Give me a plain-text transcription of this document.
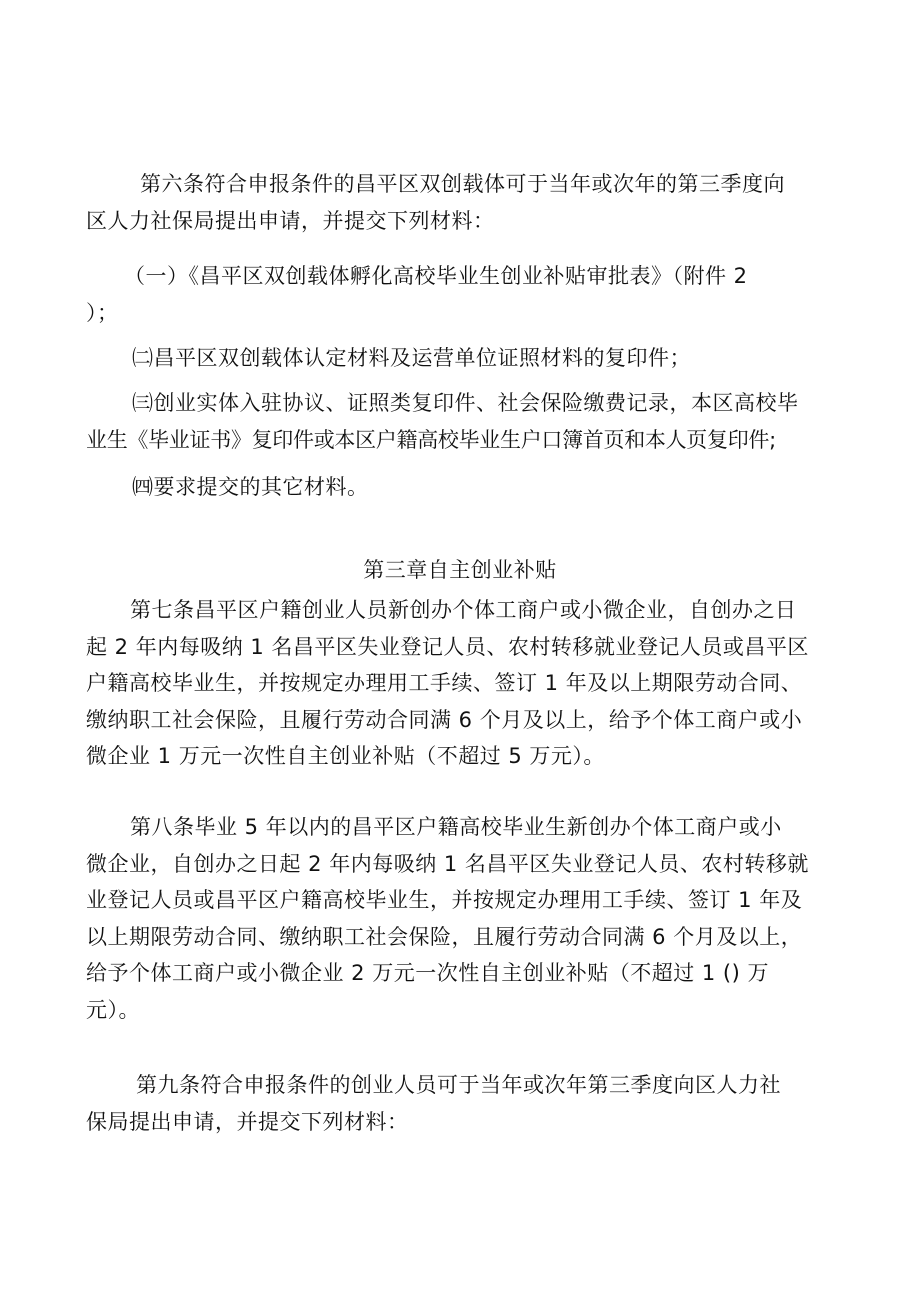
第六条符合申报条件的昌平区双创载体可于当年或次年的第三季度向
区人力社保局提出申请，并提交下列材料：
（一）《昌平区双创载体孵化高校毕业生创业补贴审批表》（附件 2
）；
㈡昌平区双创载体认定材料及运营单位证照材料的复印件；
㈢创业实体入驻协议、证照类复印件、社会保险缴费记录，本区高校毕
业生《毕业证书》复印件或本区户籍高校毕业生户口簿首页和本人页复印件;
㈣要求提交的其它材料。
第三章自主创业补贴
第七条昌平区户籍创业人员新创办个体工商户或小微企业，自创办之日
起 2 年内每吸纳 1 名昌平区失业登记人员、农村转移就业登记人员或昌平区
户籍高校毕业生，并按规定办理用工手续、签订 1 年及以上期限劳动合同、
缴纳职工社会保险，且履行劳动合同满 6 个月及以上，给予个体工商户或小
微企业 1 万元一次性自主创业补贴（不超过 5 万元）。
第八条毕业 5 年以内的昌平区户籍高校毕业生新创办个体工商户或小
微企业，自创办之日起 2 年内每吸纳 1 名昌平区失业登记人员、农村转移就
业登记人员或昌平区户籍高校毕业生，并按规定办理用工手续、签订 1 年及
以上期限劳动合同、缴纳职工社会保险，且履行劳动合同满 6 个月及以上，
给予个体工商户或小微企业 2 万元一次性自主创业补贴（不超过 1 () 万
元）。
第九条符合申报条件的创业人员可于当年或次年第三季度向区人力社
保局提出申请，并提交下列材料：
